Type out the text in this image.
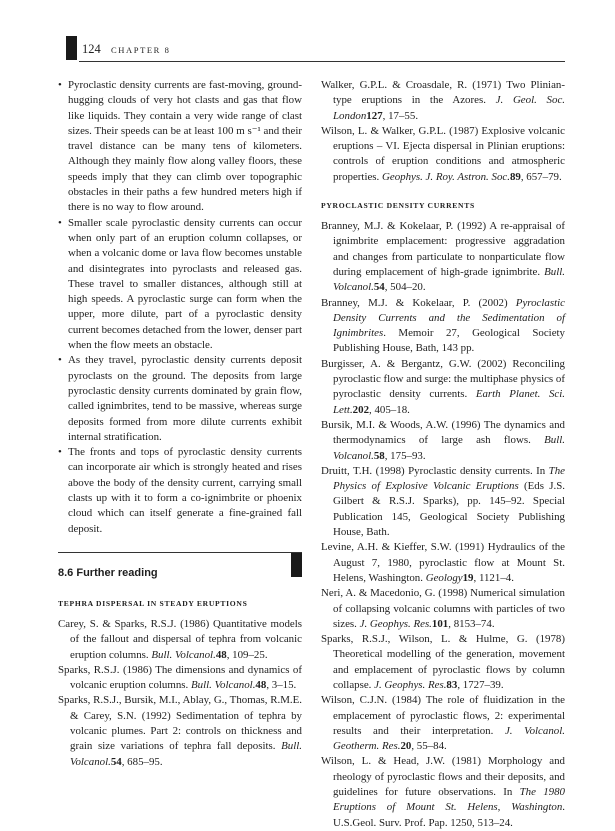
124 CHAPTER 8
• Pyroclastic density currents are fast-moving, ground-hugging clouds of very hot clasts and gas that flow like liquids. They contain a very wide range of clast sizes. Their speeds can be at least 100 m s⁻¹ and their travel distance can be many tens of kilometers. Although they mainly flow along valley floors, these speeds imply that they can climb over topographic obstacles in their paths a few hundred meters high if there is no way to flow around.
• Smaller scale pyroclastic density currents can occur when only part of an eruption column collapses, or when a volcanic dome or lava flow becomes unstable and disintegrates into pyroclasts and released gas. These travel to smaller distances, although still at high speeds. A pyroclastic surge can form when the upper, more dilute, part of a pyroclastic density current becomes detached from the lower, denser part when the flow meets an obstacle.
• As they travel, pyroclastic density currents deposit pyroclasts on the ground. The deposits from large pyroclastic density currents dominated by grain flow, called ignimbrites, tend to be massive, whereas surge deposits formed from more dilute currents exhibit internal stratification.
• The fronts and tops of pyroclastic density currents can incorporate air which is strongly heated and rises above the body of the density current, carrying small clasts up with it to form a co-ignimbrite or phoenix cloud which can itself generate a fine-grained fall deposit.
8.6 Further reading
TEPHRA DISPERSAL IN STEADY ERUPTIONS
Carey, S. & Sparks, R.S.J. (1986) Quantitative models of the fallout and dispersal of tephra from volcanic eruption columns. Bull. Volcanol.48, 109–25.
Sparks, R.S.J. (1986) The dimensions and dynamics of volcanic eruption columns. Bull. Volcanol.48, 3–15.
Sparks, R.S.J., Bursik, M.I., Ablay, G., Thomas, R.M.E. & Carey, S.N. (1992) Sedimentation of tephra by volcanic plumes. Part 2: controls on thickness and grain size variations of tephra fall deposits. Bull. Volcanol.54, 685–95.
Walker, G.P.L. & Croasdale, R. (1971) Two Plinian-type eruptions in the Azores. J. Geol. Soc. London127, 17–55.
Wilson, L. & Walker, G.P.L. (1987) Explosive volcanic eruptions – VI. Ejecta dispersal in Plinian eruptions: controls of eruption conditions and atmospheric properties. Geophys. J. Roy. Astron. Soc.89, 657–79.
PYROCLASTIC DENSITY CURRENTS
Branney, M.J. & Kokelaar, P. (1992) A re-appraisal of ignimbrite emplacement: progressive aggradation and changes from particulate to nonparticulate flow during emplacement of high-grade ignimbrite. Bull. Volcanol.54, 504–20.
Branney, M.J. & Kokelaar, P. (2002) Pyroclastic Density Currents and the Sedimentation of Ignimbrites. Memoir 27, Geological Society Publishing House, Bath, 143 pp.
Burgisser, A. & Bergantz, G.W. (2002) Reconciling pyroclastic flow and surge: the multiphase physics of pyroclastic density currents. Earth Planet. Sci. Lett.202, 405–18.
Bursik, M.I. & Woods, A.W. (1996) The dynamics and thermodynamics of large ash flows. Bull. Volcanol.58, 175–93.
Druitt, T.H. (1998) Pyroclastic density currents. In The Physics of Explosive Volcanic Eruptions (Eds J.S. Gilbert & R.S.J. Sparks), pp. 145–92. Special Publication 145, Geological Society Publishing House, Bath.
Levine, A.H. & Kieffer, S.W. (1991) Hydraulics of the August 7, 1980, pyroclastic flow at Mount St. Helens, Washington. Geology19, 1121–4.
Neri, A. & Macedonio, G. (1998) Numerical simulation of collapsing volcanic columns with particles of two sizes. J. Geophys. Res.101, 8153–74.
Sparks, R.S.J., Wilson, L. & Hulme, G. (1978) Theoretical modelling of the generation, movement and emplacement of pyroclastic flows by column collapse. J. Geophys. Res.83, 1727–39.
Wilson, C.J.N. (1984) The role of fluidization in the emplacement of pyroclastic flows, 2: experimental results and their interpretation. J. Volcanol. Geotherm. Res.20, 55–84.
Wilson, L. & Head, J.W. (1981) Morphology and rheology of pyroclastic flows and their deposits, and guidelines for future observations. In The 1980 Eruptions of Mount St. Helens, Washington. U.S.Geol. Surv. Prof. Pap. 1250, 513–24.
